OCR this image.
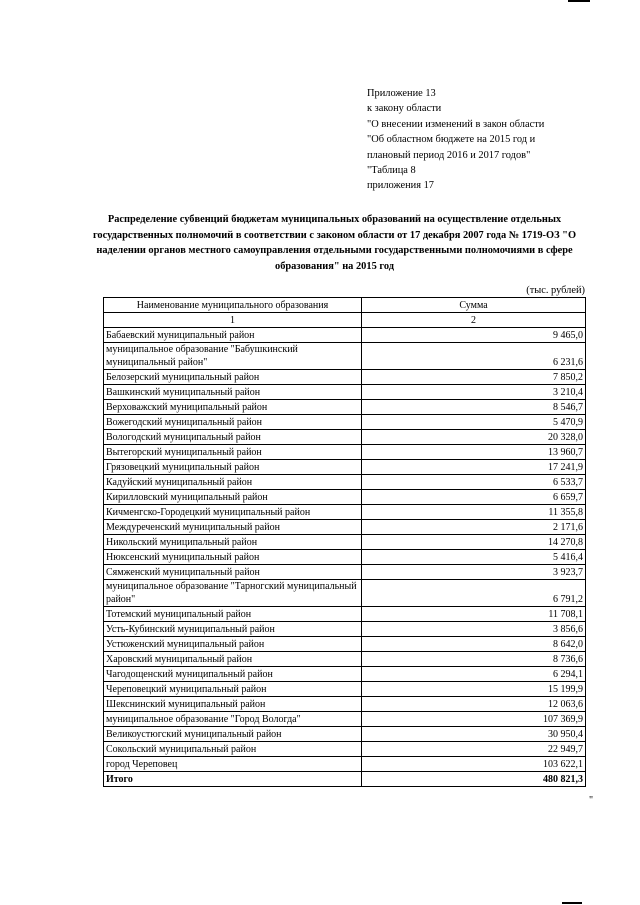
Приложение 13
к закону области
"О внесении изменений в закон области
"Об областном бюджете на 2015 год и
плановый период 2016 и 2017 годов"
"Таблица 8
приложения 17
Распределение субвенций бюджетам муниципальных образований на осуществление отдельных государственных полномочий в соответствии с законом области от 17 декабря 2007 года № 1719-ОЗ "О наделении органов местного самоуправления отдельными государственными полномочиями в сфере образования" на 2015 год
(тыс. рублей)
Наименование муниципального образования	Сумма
1	2
Бабаевский муниципальный район	9 465,0
муниципальное образование "Бабушкинский муниципальный район"	6 231,6
Белозерский муниципальный район	7 850,2
Вашкинский муниципальный район	3 210,4
Верховажский муниципальный район	8 546,7
Вожегодский муниципальный район	5 470,9
Вологодский муниципальный район	20 328,0
Вытегорский муниципальный район	13 960,7
Грязовецкий муниципальный район	17 241,9
Кадуйский муниципальный район	6 533,7
Кирилловский муниципальный район	6 659,7
Кичменгско-Городецкий муниципальный район	11 355,8
Междуреченский муниципальный район	2 171,6
Никольский муниципальный район	14 270,8
Нюксенский муниципальный район	5 416,4
Сямженский муниципальный район	3 923,7
муниципальное образование "Тарногский муниципальный район"	6 791,2
Тотемский муниципальный район	11 708,1
Усть-Кубинский муниципальный район	3 856,6
Устюженский муниципальный район	8 642,0
Харовский муниципальный район	8 736,6
Чагодощенский муниципальный район	6 294,1
Череповецкий муниципальный район	15 199,9
Шекснинский муниципальный район	12 063,6
муниципальное образование "Город Вологда"	107 369,9
Великоустюгский муниципальный район	30 950,4
Сокольский муниципальный район	22 949,7
город Череповец	103 622,1
Итого	480 821,3
"
